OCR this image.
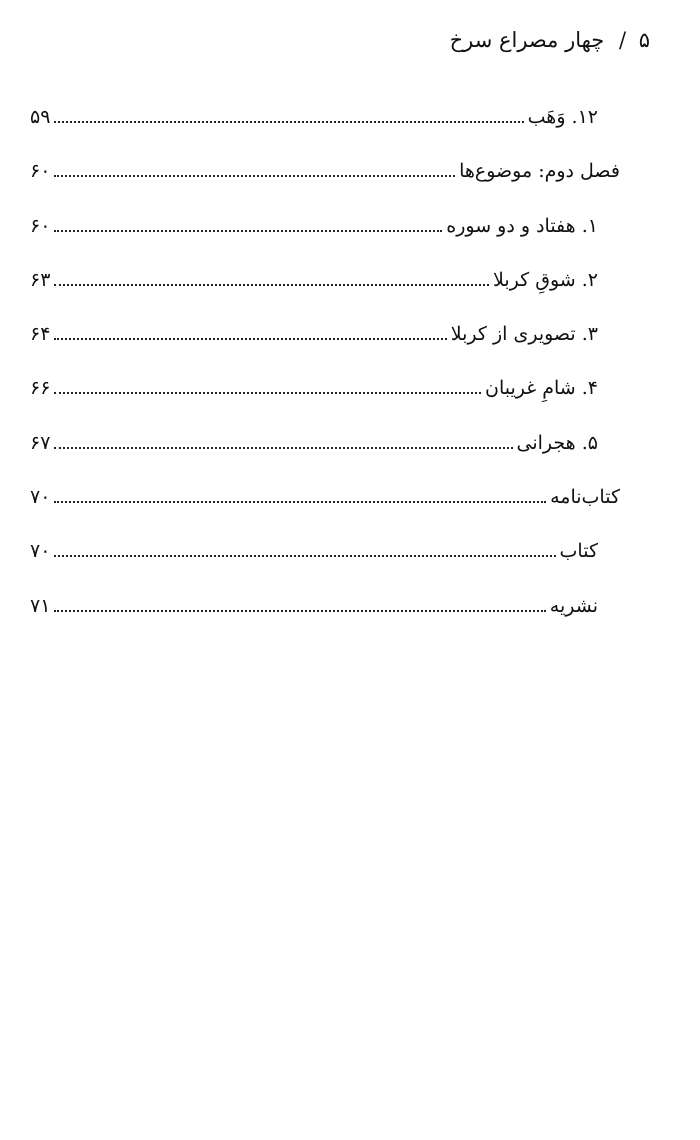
۵ / چهار مصراع سرخ
۱۲. وَهَب
۵۹
فصل دوم: موضوع‌ها
۶۰
۱. هفتاد و دو سوره
۶۰
۲. شوقِ کربلا
۶۳
۳. تصویری از کربلا
۶۴
۴. شامِ غریبان
۶۶
۵. هجرانی
۶۷
کتاب‌نامه
۷۰
کتاب
۷۰
نشریه
۷۱
